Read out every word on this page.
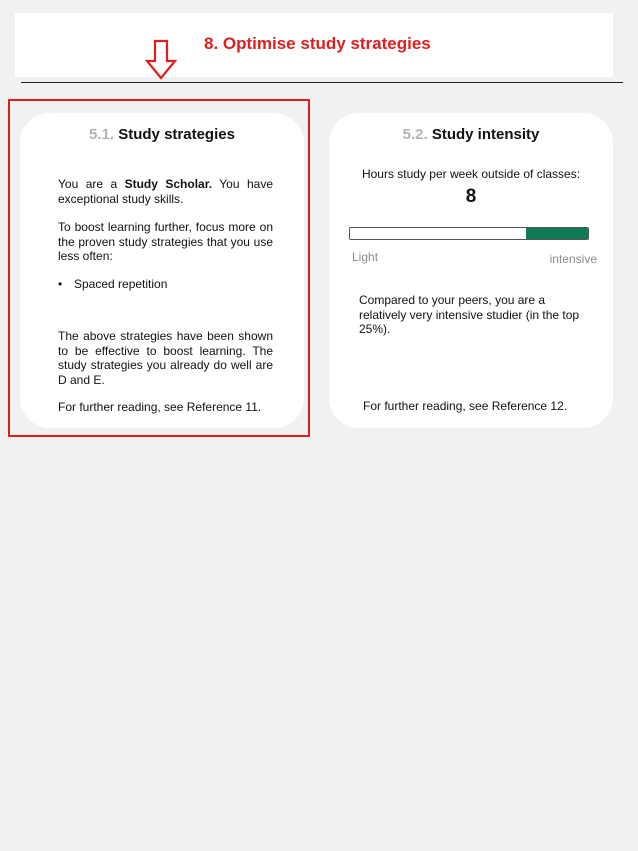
8. Optimise study strategies
5.1. Study strategies
You are a Study Scholar. You have exceptional study skills.
To boost learning further, focus more on the proven study strategies that you use less often:
• Spaced repetition
The above strategies have been shown to be effective to boost learning. The study strategies you already do well are D and E.
For further reading, see Reference 11.
5.2. Study intensity
Hours study per week outside of classes:
8
Light	intensive
Compared to your peers, you are a relatively very intensive studier (in the top 25%).
For further reading, see Reference 12.
